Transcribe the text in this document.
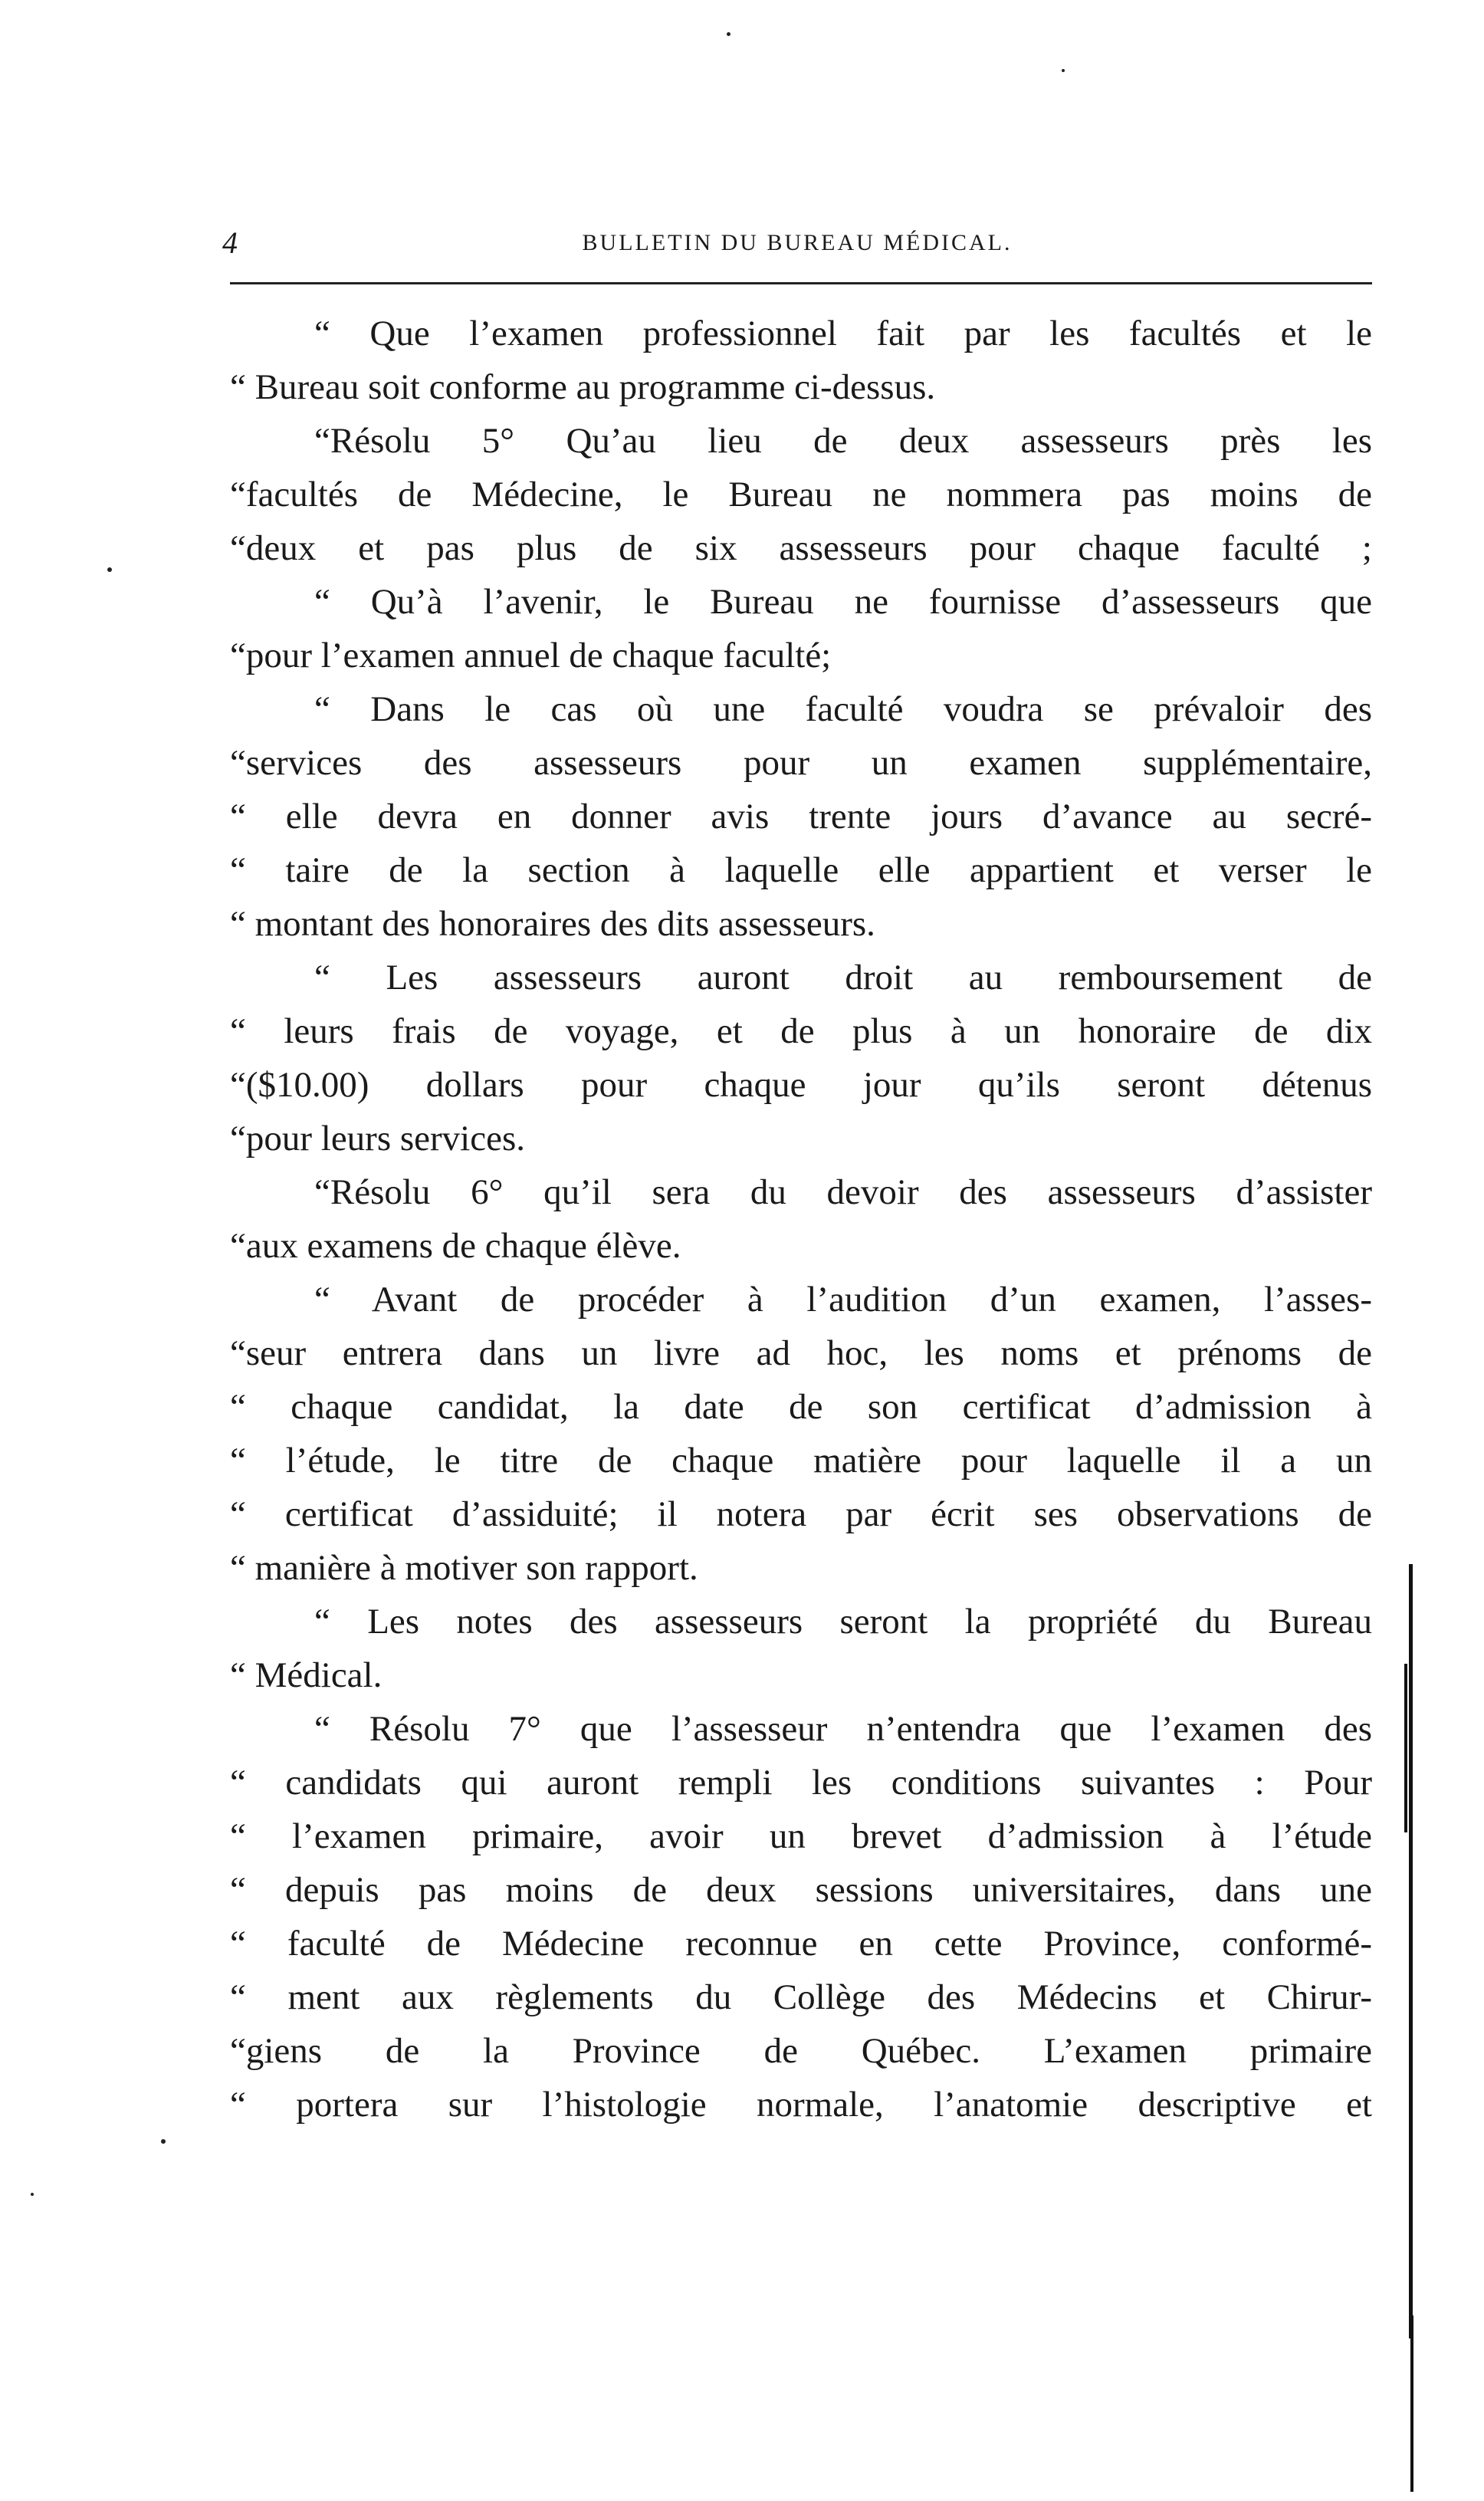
4	BULLETIN DU BUREAU MÉDICAL.
“ Que l’examen professionnel fait par les facultés et le
“ Bureau soit conforme au programme ci-dessus.
“Résolu 5° Qu’au lieu de deux assesseurs près les
“facultés de Médecine, le Bureau ne nommera pas moins de
“deux et pas plus de six assesseurs pour chaque faculté ;
“ Qu’à l’avenir, le Bureau ne fournisse d’assesseurs que
“pour l’examen annuel de chaque faculté;
“ Dans le cas où une faculté voudra se prévaloir des
“services des assesseurs pour un examen supplémentaire,
“ elle devra en donner avis trente jours d’avance au secré-
“ taire de la section à laquelle elle appartient et verser le
“ montant des honoraires des dits assesseurs.
“ Les assesseurs auront droit au remboursement de
“ leurs frais de voyage, et de plus à un honoraire de dix
“($10.00) dollars pour chaque jour qu’ils seront détenus
“pour leurs services.
“Résolu 6° qu’il sera du devoir des assesseurs d’assister
“aux examens de chaque élève.
“ Avant de procéder à l’audition d’un examen, l’asses-
“seur entrera dans un livre ad hoc, les noms et prénoms de
“ chaque candidat, la date de son certificat d’admission à
“ l’étude, le titre de chaque matière pour laquelle il a un
“ certificat d’assiduité; il notera par écrit ses observations de
“ manière à motiver son rapport.
“ Les notes des assesseurs seront la propriété du Bureau
“ Médical.
“ Résolu 7° que l’assesseur n’entendra que l’examen des
“ candidats qui auront rempli les conditions suivantes : Pour
“ l’examen primaire, avoir un brevet d’admission à l’étude
“ depuis pas moins de deux sessions universitaires, dans une
“ faculté de Médecine reconnue en cette Province, conformé-
“ ment aux règlements du Collège des Médecins et Chirur-
“giens de la Province de Québec. L’examen primaire
“ portera sur l’histologie normale, l’anatomie descriptive et
